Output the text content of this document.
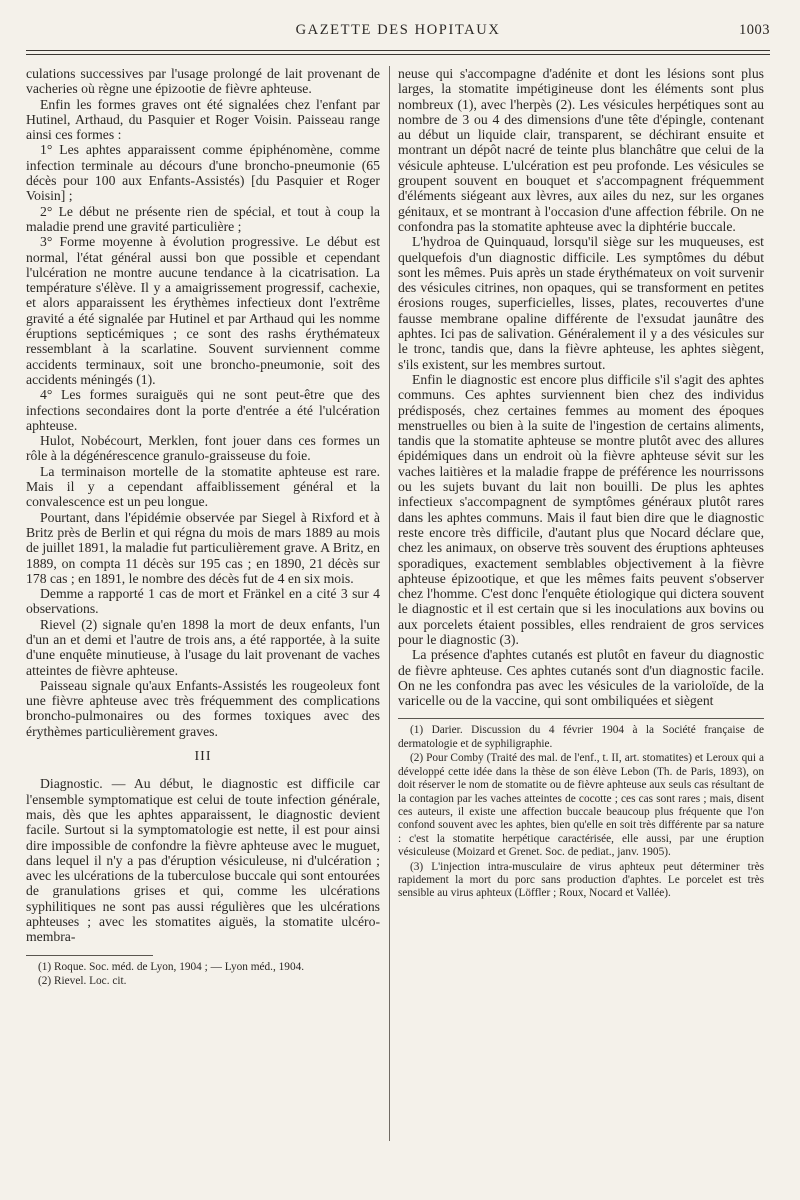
GAZETTE DES HOPITAUX	1003

culations successives par l'usage prolongé de lait provenant de vacheries où règne une épizootie de fièvre aphteuse.

Enfin les formes graves ont été signalées chez l'enfant par Hutinel, Arthaud, du Pasquier et Roger Voisin. Paisseau range ainsi ces formes :

1° Les aphtes apparaissent comme épiphénomène, comme infection terminale au décours d'une broncho-pneumonie (65 décès pour 100 aux Enfants-Assistés) [du Pasquier et Roger Voisin] ;

2° Le début ne présente rien de spécial, et tout à coup la maladie prend une gravité particulière ;

3° Forme moyenne à évolution progressive. Le début est normal, l'état général aussi bon que possible et cependant l'ulcération ne montre aucune tendance à la cicatrisation. La température s'élève. Il y a amaigrissement progressif, cachexie, et alors apparaissent les érythèmes infectieux dont l'extrême gravité a été signalée par Hutinel et par Arthaud qui les nomme éruptions septicémiques ; ce sont des rashs érythémateux ressemblant à la scarlatine. Souvent surviennent comme accidents terminaux, soit une broncho-pneumonie, soit des accidents méningés (1).

4° Les formes suraiguës qui ne sont peut-être que des infections secondaires dont la porte d'entrée a été l'ulcération aphteuse.

Hulot, Nobécourt, Merklen, font jouer dans ces formes un rôle à la dégénérescence granulo-graisseuse du foie.

La terminaison mortelle de la stomatite aphteuse est rare. Mais il y a cependant affaiblissement général et la convalescence est un peu longue.

Pourtant, dans l'épidémie observée par Siegel à Rixford et à Britz près de Berlin et qui régna du mois de mars 1889 au mois de juillet 1891, la maladie fut particulièrement grave. A Britz, en 1889, on compta 11 décès sur 195 cas ; en 1890, 21 décès sur 178 cas ; en 1891, le nombre des décès fut de 4 en six mois.

Demme a rapporté 1 cas de mort et Fränkel en a cité 3 sur 4 observations.

Rievel (2) signale qu'en 1898 la mort de deux enfants, l'un d'un an et demi et l'autre de trois ans, a été rapportée, à la suite d'une enquête minutieuse, à l'usage du lait provenant de vaches atteintes de fièvre aphteuse.

Paisseau signale qu'aux Enfants-Assistés les rougeoleux font une fièvre aphteuse avec très fréquemment des complications broncho-pulmonaires ou des formes toxiques avec des érythèmes particulièrement graves.

III

Diagnostic. — Au début, le diagnostic est difficile car l'ensemble symptomatique est celui de toute infection générale, mais, dès que les aphtes apparaissent, le diagnostic devient facile. Surtout si la symptomatologie est nette, il est pour ainsi dire impossible de confondre la fièvre aphteuse avec le muguet, dans lequel il n'y a pas d'éruption vésiculeuse, ni d'ulcération ; avec les ulcérations de la tuberculose buccale qui sont entourées de granulations grises et qui, comme les ulcérations syphilitiques ne sont pas aussi régulières que les ulcérations aphteuses ; avec les stomatites aiguës, la stomatite ulcéro-membra-

(1) Roque. Soc. méd. de Lyon, 1904 ; — Lyon méd., 1904.

(2) Rievel. Loc. cit.

neuse qui s'accompagne d'adénite et dont les lésions sont plus larges, la stomatite impétigineuse dont les éléments sont plus nombreux (1), avec l'herpès (2). Les vésicules herpétiques sont au nombre de 3 ou 4 des dimensions d'une tête d'épingle, contenant au début un liquide clair, transparent, se déchirant ensuite et montrant un dépôt nacré de teinte plus blanchâtre que celui de la vésicule aphteuse. L'ulcération est peu profonde. Les vésicules se groupent souvent en bouquet et s'accompagnent fréquemment d'éléments siégeant aux lèvres, aux ailes du nez, sur les organes génitaux, et se montrant à l'occasion d'une affection fébrile. On ne confondra pas la stomatite aphteuse avec la diphtérie buccale.

L'hydroa de Quinquaud, lorsqu'il siège sur les muqueuses, est quelquefois d'un diagnostic difficile. Les symptômes du début sont les mêmes. Puis après un stade érythémateux on voit survenir des vésicules citrines, non opaques, qui se transforment en petites érosions rouges, superficielles, lisses, plates, recouvertes d'une fausse membrane opaline différente de l'exsudat jaunâtre des aphtes. Ici pas de salivation. Généralement il y a des vésicules sur le tronc, tandis que, dans la fièvre aphteuse, les aphtes siègent, s'ils existent, sur les membres surtout.

Enfin le diagnostic est encore plus difficile s'il s'agit des aphtes communs. Ces aphtes surviennent bien chez des individus prédisposés, chez certaines femmes au moment des époques menstruelles ou bien à la suite de l'ingestion de certains aliments, tandis que la stomatite aphteuse se montre plutôt avec des allures épidémiques dans un endroit où la fièvre aphteuse sévit sur les vaches laitières et la maladie frappe de préférence les nourrissons ou les sujets buvant du lait non bouilli. De plus les aphtes infectieux s'accompagnent de symptômes généraux plutôt rares dans les aphtes communs. Mais il faut bien dire que le diagnostic reste encore très difficile, d'autant plus que Nocard déclare que, chez les animaux, on observe très souvent des éruptions aphteuses sporadiques, exactement semblables objectivement à la fièvre aphteuse épizootique, et que les mêmes faits peuvent s'observer chez l'homme. C'est donc l'enquête étiologique qui dictera souvent le diagnostic et il est certain que si les inoculations aux bovins ou aux porcelets étaient possibles, elles rendraient de gros services pour le diagnostic (3).

La présence d'aphtes cutanés est plutôt en faveur du diagnostic de fièvre aphteuse. Ces aphtes cutanés sont d'un diagnostic facile. On ne les confondra pas avec les vésicules de la varioloïde, de la varicelle ou de la vaccine, qui sont ombiliquées et siègent

(1) Darier. Discussion du 4 février 1904 à la Société française de dermatologie et de syphiligraphie.

(2) Pour Comby (Traité des mal. de l'enf., t. II, art. stomatites) et Leroux qui a développé cette idée dans la thèse de son élève Lebon (Th. de Paris, 1893), on doit réserver le nom de stomatite ou de fièvre aphteuse aux seuls cas résultant de la contagion par les vaches atteintes de cocotte ; ces cas sont rares ; mais, disent ces auteurs, il existe une affection buccale beaucoup plus fréquente que l'on confond souvent avec les aphtes, bien qu'elle en soit très différente par sa nature : c'est la stomatite herpétique caractérisée, elle aussi, par une éruption vésiculeuse (Moizard et Grenet. Soc. de pediat., janv. 1905).

(3) L'injection intra-musculaire de virus aphteux peut déterminer très rapidement la mort du porc sans production d'aphtes. Le porcelet est très sensible au virus aphteux (Löffler ; Roux, Nocard et Vallée).
